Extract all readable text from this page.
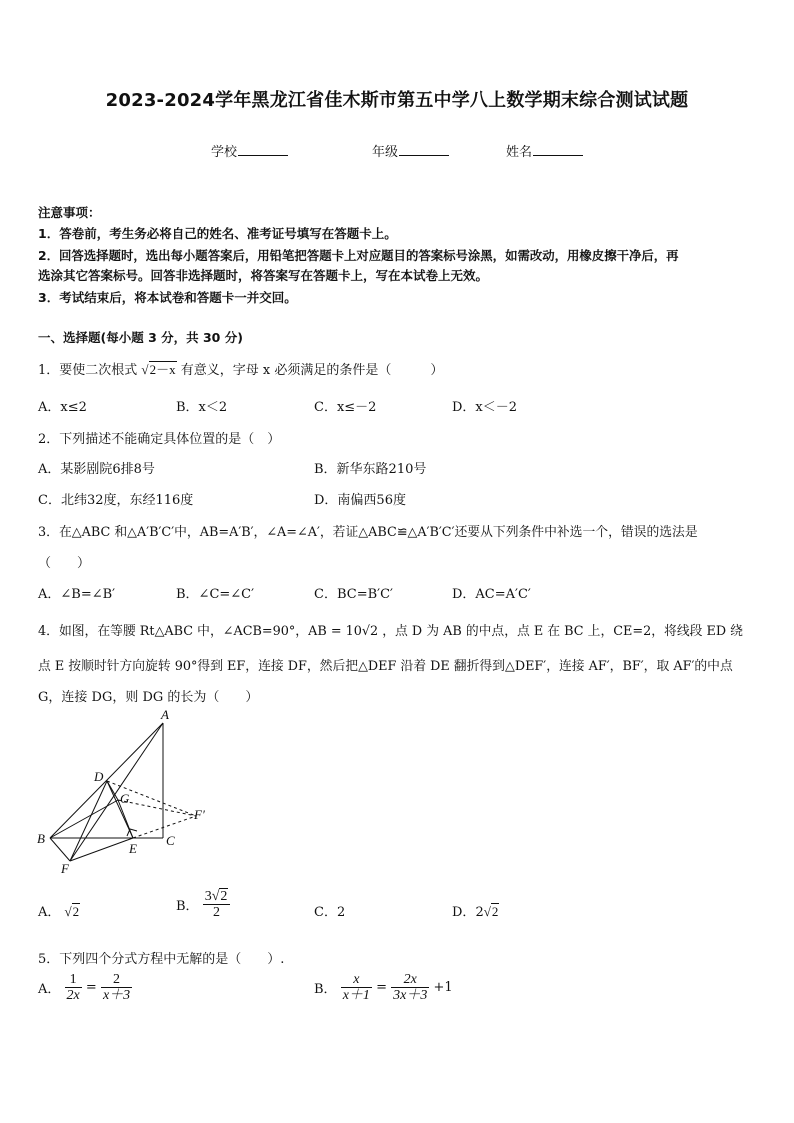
2023-2024学年黑龙江省佳木斯市第五中学八上数学期末综合测试试题
学校	年级	姓名
注意事项：
1．答卷前，考生务必将自己的姓名、准考证号填写在答题卡上。
2．回答选择题时，选出每小题答案后，用铅笔把答题卡上对应题目的答案标号涂黑，如需改动，用橡皮擦干净后，再
选涂其它答案标号。回答非选择题时，将答案写在答题卡上，写在本试卷上无效。
3．考试结束后，将本试卷和答题卡一并交回。
一、选择题(每小题 3 分，共 30 分)
1．要使二次根式 √2－x 有意义，字母 x 必须满足的条件是（　　　）
A．x≤2	B．x＜2	C．x≤－2	D．x＜－2
2．下列描述不能确定具体位置的是（　）
A．某影剧院6排8号	B．新华东路210号
C．北纬32度，东经116度	D．南偏西56度
3．在△ABC 和△A′B′C′中，AB=A′B′，∠A=∠A′，若证△ABC≌△A′B′C′还要从下列条件中补选一个，错误的选法是
（　　）
A．∠B=∠B′	B．∠C=∠C′	C．BC=B′C′	D．AC=A′C′
4．如图，在等腰 Rt△ABC 中，∠ACB=90°，AB = 10√2 ，点 D 为 AB 的中点，点 E 在 BC 上，CE=2，将线段 ED 绕
点 E 按顺时针方向旋转 90°得到 EF，连接 DF，然后把△DEF 沿着 DE 翻折得到△DEF′，连接 AF′，BF′，取 AF′的中点
G，连接 DG，则 DG 的长为（　　）
A
B	C
D
E
F
F′
G
A． √2	B． $\frac{3√2}{2}$	C．2	D．2√2
5．下列四个分式方程中无解的是（　　）.
A． $\frac{1}{2x} = \frac{2}{x+3}$	B． $\frac{x}{x+1} = \frac{2x}{3x+3} +1$
